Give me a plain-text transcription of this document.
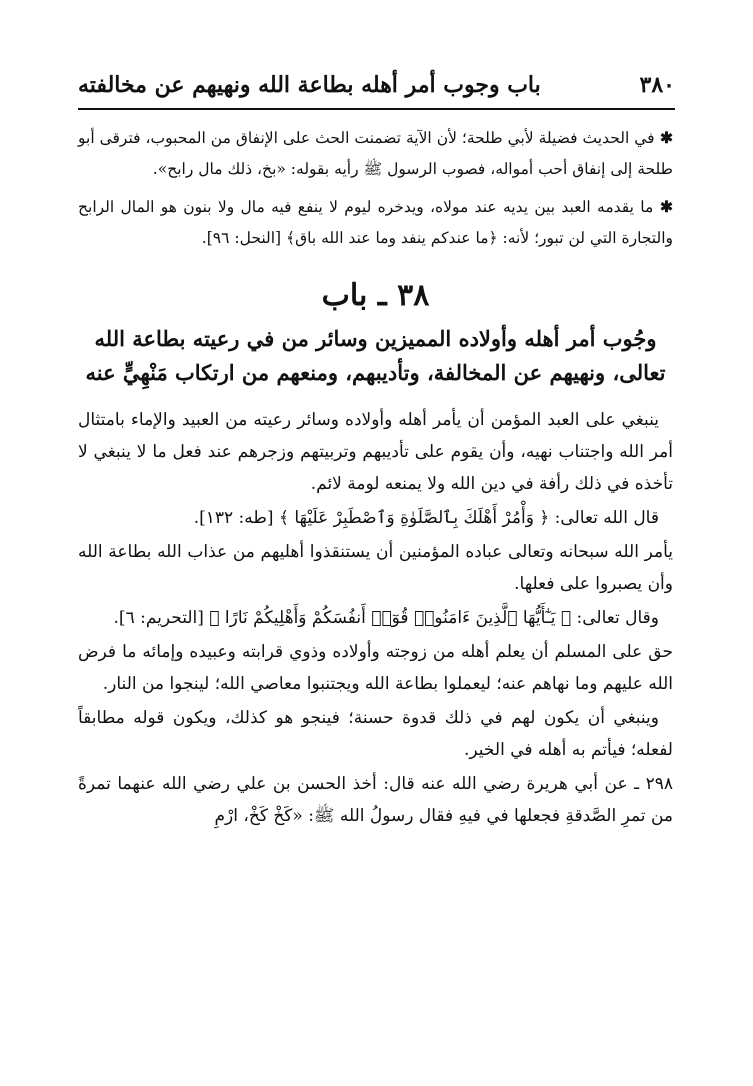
٣٨٠
باب وجوب أمر أهله بطاعة الله ونهيهم عن مخالفته

✱ في الحديث فضيلة لأبي طلحة؛ لأن الآية تضمنت الحث على الإنفاق من المحبوب، فترقى أبو طلحة إلى إنفاق أحب أمواله، فصوب الرسول ﷺ رأيه بقوله: «بخ، ذلك مال رابح».

✱ ما يقدمه العبد بين يديه عند مولاه، ويدخره ليوم لا ينفع فيه مال ولا بنون هو المال الرابح والتجارة التي لن تبور؛ لأنه: ﴿ما عندكم ينفد وما عند الله باق﴾ [النحل: ٩٦].

٣٨ ـ باب
وجُوب أمر أهله وأولاده المميزين وسائر من في رعيته بطاعة الله تعالى، ونهيهم عن المخالفة، وتأديبهم، ومنعهم من ارتكاب مَنْهِيٍّ عنه

ينبغي على العبد المؤمن أن يأمر أهله وأولاده وسائر رعيته من العبيد والإماء بامتثال أمر الله واجتناب نهيه، وأن يقوم على تأديبهم وتربيتهم وزجرهم عند فعل ما لا ينبغي لا تأخذه في ذلك رأفة في دين الله ولا يمنعه لومة لائم.

قال الله تعالى: ﴿ وَأْمُرْ أَهْلَكَ بِٱلصَّلَوٰةِ وَٱصْطَبِرْ عَلَيْهَا ﴾ [طه: ١٣٢].

يأمر الله سبحانه وتعالى عباده المؤمنين أن يستنقذوا أهليهم من عذاب الله بطاعة الله وأن يصبروا على فعلها.

وقال تعالى: ﴿ يَـٰٓأَيُّهَا ٱلَّذِينَ ءَامَنُوا۟ قُوٓا۟ أَنفُسَكُمْ وَأَهْلِيكُمْ نَارًا ﴾ [التحريم: ٦].

حق على المسلم أن يعلم أهله من زوجته وأولاده وذوي قرابته وعبيده وإمائه ما فرض الله عليهم وما نهاهم عنه؛ ليعملوا بطاعة الله ويجتنبوا معاصي الله؛ لينجوا من النار.

وينبغي أن يكون لهم في ذلك قدوة حسنة؛ فينجو هو كذلك، ويكون قوله مطابقاً لفعله؛ فيأتم به أهله في الخير.

٢٩٨ ـ عن أبي هريرة رضي الله عنه قال: أخذ الحسن بن علي رضي الله عنهما تمرةً من تمرِ الصَّدقةِ فجعلها في فيهِ فقال رسولُ الله ﷺ: «كَخْ كَخْ، ارْمِ
